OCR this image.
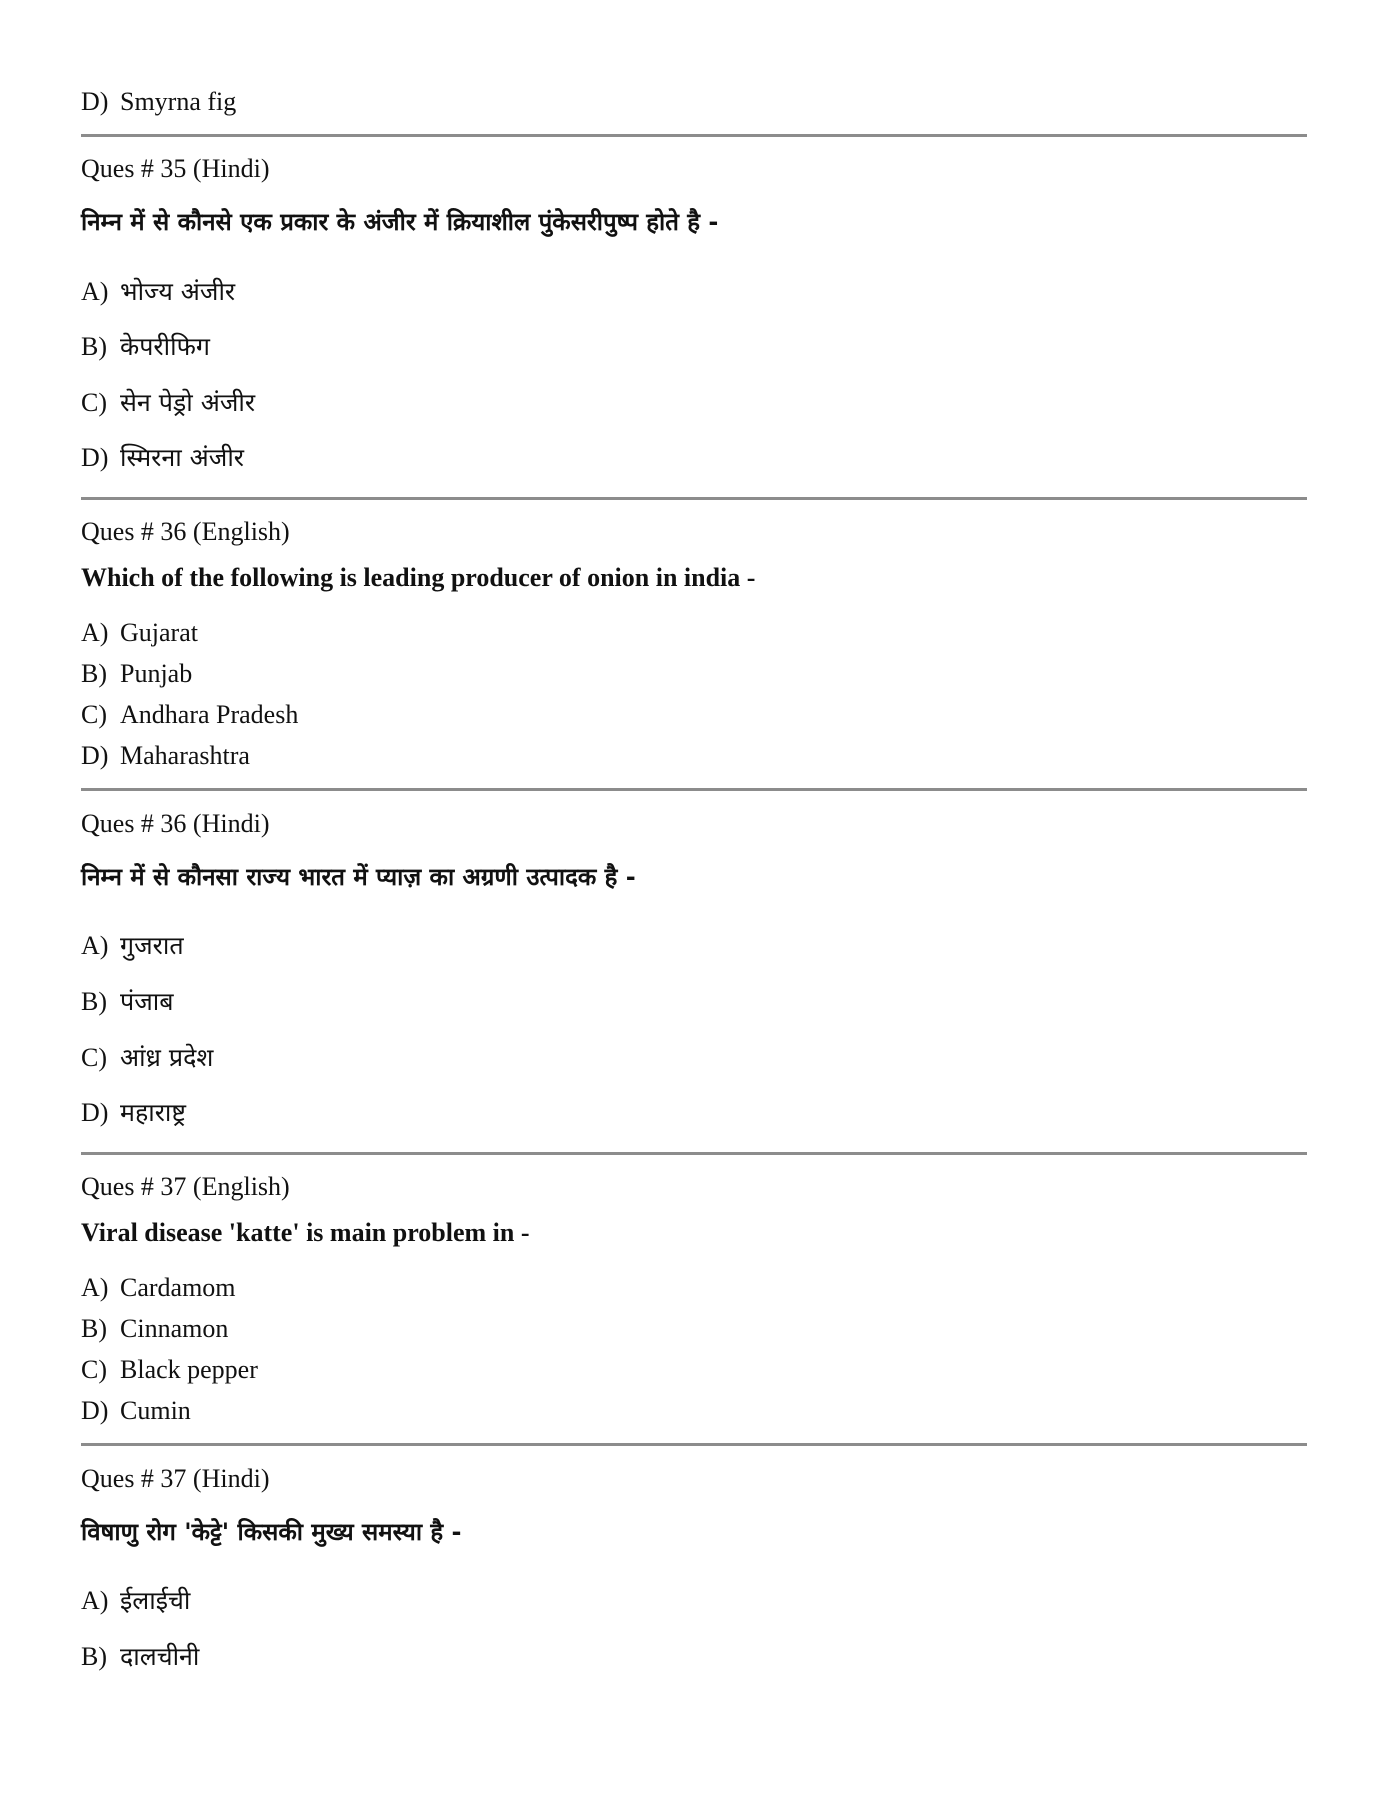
D) Smyrna fig
Ques # 35 (Hindi)
निम्न में से कौनसे एक प्रकार के अंजीर में क्रियाशील पुंकेसरीपुष्प होते है -
A) भोज्य अंजीर
B) केपरीफिग
C) सेन पेड्रो अंजीर
D) स्मिरना अंजीर
Ques # 36 (English)
Which of the following is leading producer of onion in india -
A) Gujarat
B) Punjab
C) Andhara Pradesh
D) Maharashtra
Ques # 36 (Hindi)
निम्न में से कौनसा राज्य भारत में प्याज़ का अग्रणी उत्पादक है -
A) गुजरात
B) पंजाब
C) आंध्र प्रदेश
D) महाराष्ट्र
Ques # 37 (English)
Viral disease 'katte' is main problem in -
A) Cardamom
B) Cinnamon
C) Black pepper
D) Cumin
Ques # 37 (Hindi)
विषाणु रोग 'केट्टे' किसकी मुख्य समस्या है -
A) ईलाईची
B) दालचीनी
